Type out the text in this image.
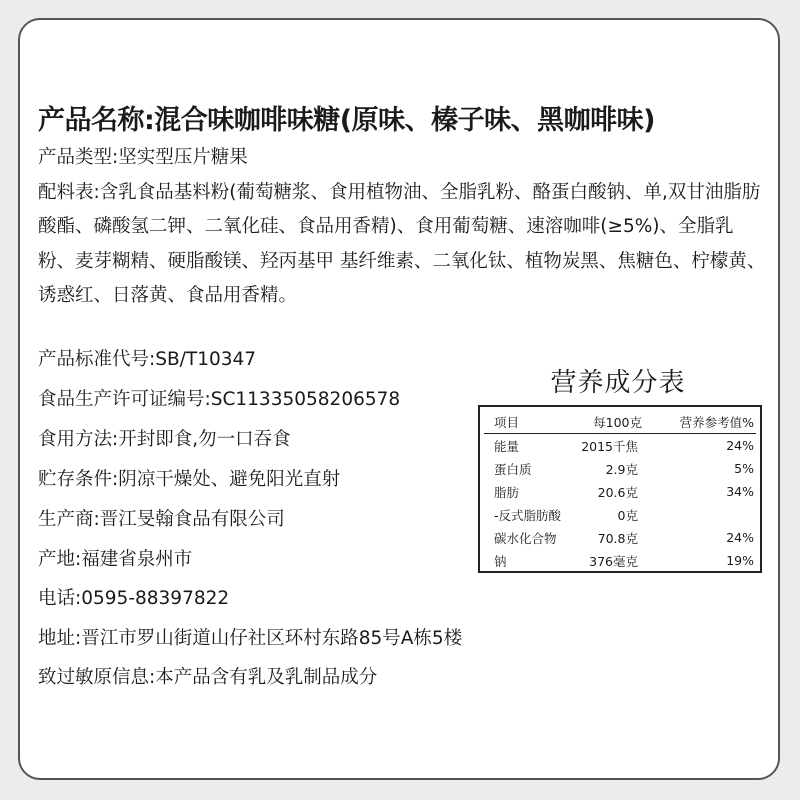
产品名称:混合味咖啡味糖(原味、榛子味、黑咖啡味)
产品类型:坚实型压片糖果
配料表:含乳食品基料粉(葡萄糖浆、食用植物油、全脂乳粉、酪蛋白酸钠、单,双甘油脂肪酸酯、磷酸氢二钾、二氧化硅、食品用香精)、食用葡萄糖、速溶咖啡(≥5%)、全脂乳粉、麦芽糊精、硬脂酸镁、羟丙基甲 基纤维素、二氧化钛、植物炭黑、焦糖色、柠檬黄、诱惑红、日落黄、食品用香精。
产品标准代号:SB/T10347
食品生产许可证编号:SC11335058206578
食用方法:开封即食,勿一口吞食
贮存条件:阴凉干燥处、避免阳光直射
生产商:晋江旻翰食品有限公司
产地:福建省泉州市
电话:0595-88397822
地址:晋江市罗山街道山仔社区环村东路85号A栋5楼
致过敏原信息:本产品含有乳及乳制品成分
营养成分表
项目	每100克	营养参考值%
能量	2015千焦	24%
蛋白质	2.9克	5%
脂肪	20.6克	34%
-反式脂肪酸	0克
碳水化合物	70.8克	24%
钠	376毫克	19%
